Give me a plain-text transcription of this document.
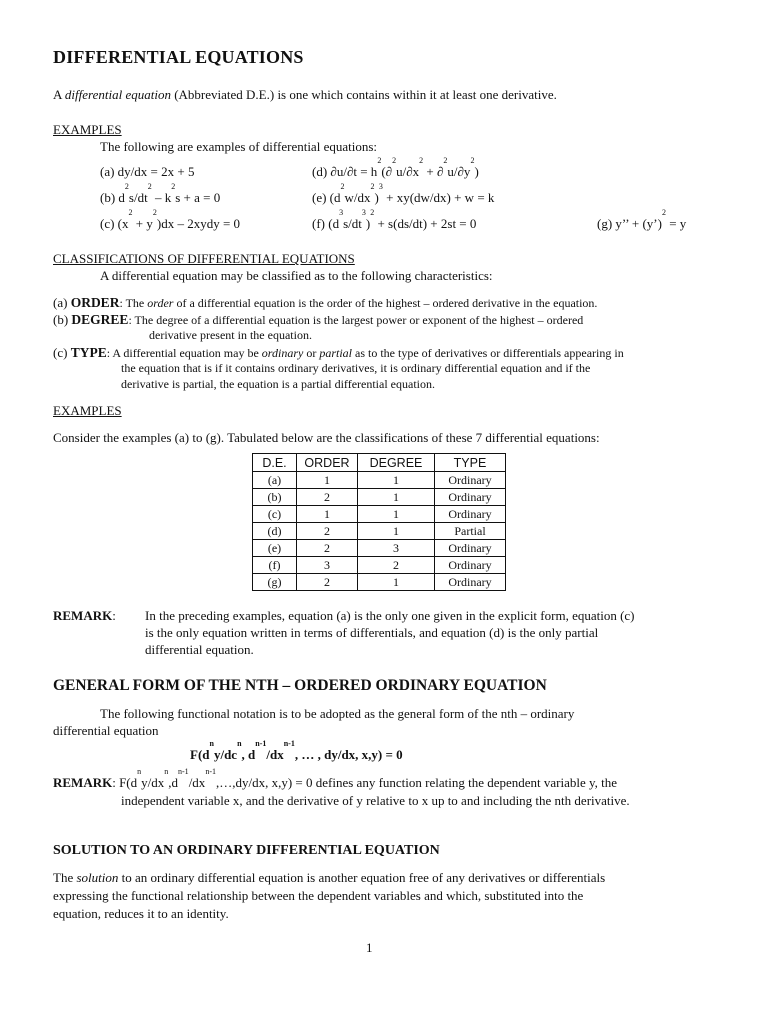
DIFFERENTIAL EQUATIONS
A differential equation (Abbreviated D.E.) is one which contains within it at least one derivative.
EXAMPLES
The following are examples of differential equations:
(a) dy/dx = 2x + 5
(b) $d^2s/dt^2 - k^2s + a = 0$
(c) $(x^2 + y^2)dx$ – 2xydy = 0
(d) $\partial u/\partial t = h^2(\partial^2u/\partial x^2 + \partial^2u/\partial y^2)$
(e) $(d^2w/dx^2)^3 + xy(dw/dx) + w = k$
(f) $(d^3s/dt^3)^2 + s(ds/dt) + 2st = 0$	(g) y’’ + (y’)$^2$ = y
CLASSIFICATIONS OF DIFFERENTIAL EQUATIONS
A differential equation may be classified as to the following characteristics:
(a) ORDER: The order of a differential equation is the order of the highest – ordered derivative in the equation.
(b) DEGREE: The degree of a differential equation is the largest power or exponent of the highest – ordered
derivative present in the equation.
(c) TYPE: A differential equation may be ordinary or partial as to the type of derivatives or differentials appearing in
the equation that is if it contains ordinary derivatives, it is ordinary differential equation and if the
derivative is partial, the equation is a partial differential equation.
EXAMPLES
Consider the examples (a) to (g). Tabulated below are the classifications of these 7 differential equations:
D.E.	ORDER	DEGREE	TYPE
(a)	1	1	Ordinary
(b)	2	1	Ordinary
(c)	1	1	Ordinary
(d)	2	1	Partial
(e)	2	3	Ordinary
(f)	3	2	Ordinary
(g)	2	1	Ordinary
REMARK: In the preceding examples, equation (a) is the only one given in the explicit form, equation (c)
is the only equation written in terms of differentials, and equation (d) is the only partial
differential equation.
GENERAL FORM OF THE NTH – ORDERED ORDINARY EQUATION
The following functional notation is to be adopted as the general form of the nth – ordinary
differential equation
$F(d^ny/dc^n$, $d^{n-1}/dx^{n-1}$, … , dy/dx, x,y) = 0
REMARK: $F(d^ny/dx^n,d^{n-1}/dx^{n-1},\dots,dy/dx$, x,y) = 0 defines any function relating the dependent variable y, the
independent variable x, and the derivative of y relative to x up to and including the nth derivative.
SOLUTION TO AN ORDINARY DIFFERENTIAL EQUATION
The solution to an ordinary differential equation is another equation free of any derivatives or differentials
expressing the functional relationship between the dependent variables and which, substituted into the
equation, reduces it to an identity.
1
